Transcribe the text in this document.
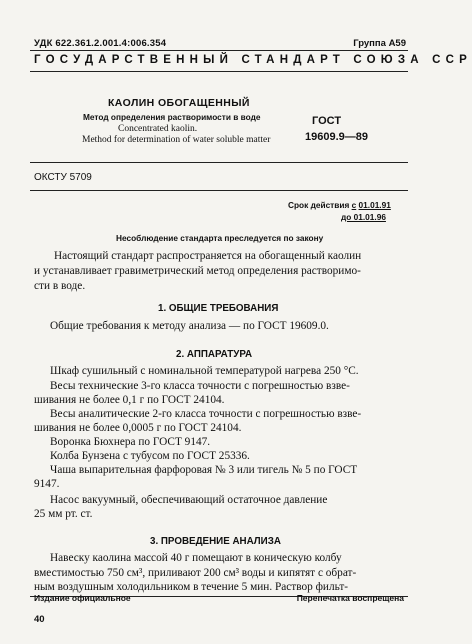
УДК 622.361.2.001.4:006.354	Группа А59
ГОСУДАРСТВЕННЫЙ СТАНДАРТ СОЮЗА ССР
КАОЛИН ОБОГАЩЕННЫЙ
Метод определения растворимости в воде
Concentrated kaolin.
Method for determination of water soluble matter
ГОСТ
19609.9—89
ОКСТУ 5709
Срок действия с 01.01.91
до 01.01.96
Несоблюдение стандарта преследуется по закону
Настоящий стандарт распространяется на обогащенный каолин
и устанавливает гравиметрический метод определения растворимо-
сти в воде.
1. ОБЩИЕ ТРЕБОВАНИЯ
Общие требования к методу анализа — по ГОСТ 19609.0.
2. АППАРАТУРА
Шкаф сушильный с номинальной температурой нагрева 250 °С.
Весы технические 3-го класса точности с погрешностью взве-
шивания не более 0,1 г по ГОСТ 24104.
Весы аналитические 2-го класса точности с погрешностью взве-
шивания не более 0,0005 г по ГОСТ 24104.
Воронка Бюхнера по ГОСТ 9147.
Колба Бунзена с тубусом по ГОСТ 25336.
Чаша выпарительная фарфоровая № 3 или тигель № 5 по ГОСТ
9147.
Насос вакуумный, обеспечивающий остаточное давление
25 мм рт. ст.
3. ПРОВЕДЕНИЕ АНАЛИЗА
Навеску каолина массой 40 г помещают в коническую колбу
вместимостью 750 см³, приливают 200 см³ воды и кипятят с обрат-
ным воздушным холодильником в течение 5 мин. Раствор фильт-
Издание официальное	Перепечатка воспрещена
40
